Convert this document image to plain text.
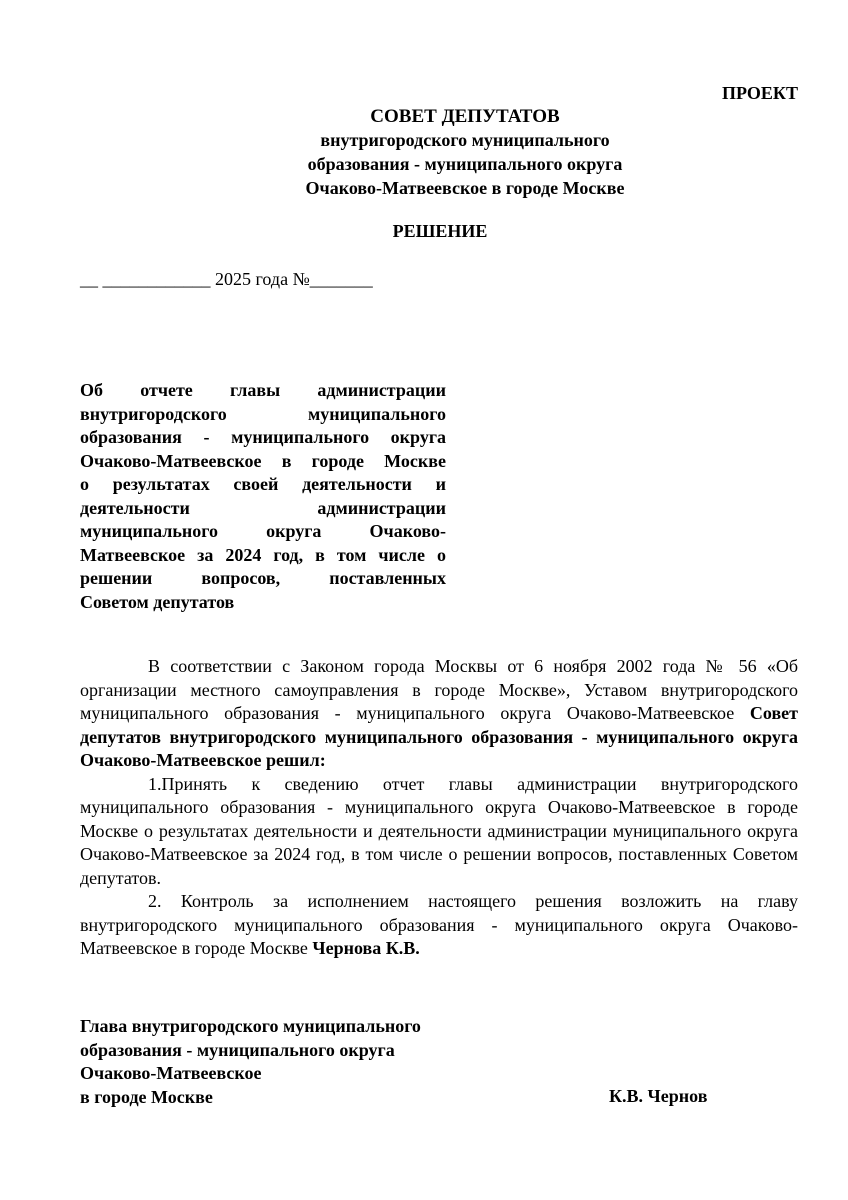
ПРОЕКТ
СОВЕТ ДЕПУТАТОВ
внутригородского муниципального
образования - муниципального округа
Очаково-Матвеевское в городе Москве
РЕШЕНИЕ
__ ____________ 2025 года №_______
Об отчете главы администрации
внутригородского муниципального
образования - муниципального округа
Очаково-Матвеевское в городе Москве
о результатах своей деятельности и
деятельности администрации
муниципального округа Очаково-
Матвеевское за 2024 год, в том числе о
решении вопросов, поставленных
Советом депутатов

В соответствии с Законом города Москвы от 6 ноября 2002 года № 56 «Об организации местного самоуправления в городе Москве», Уставом внутригородского муниципального образования - муниципального округа Очаково-Матвеевское Совет депутатов внутригородского муниципального образования - муниципального округа Очаково-Матвеевское решил:

1.Принять к сведению отчет главы администрации внутригородского муниципального образования - муниципального округа Очаково-Матвеевское в городе Москве о результатах деятельности и деятельности администрации муниципального округа Очаково-Матвеевское за 2024 год, в том числе о решении вопросов, поставленных Советом депутатов.

2. Контроль за исполнением настоящего решения возложить на главу внутригородского муниципального образования - муниципального округа Очаково-Матвеевское в городе Москве Чернова К.В.

Глава внутригородского муниципального
образования - муниципального округа
Очаково-Матвеевское
в городе Москве	К.В. Чернов
